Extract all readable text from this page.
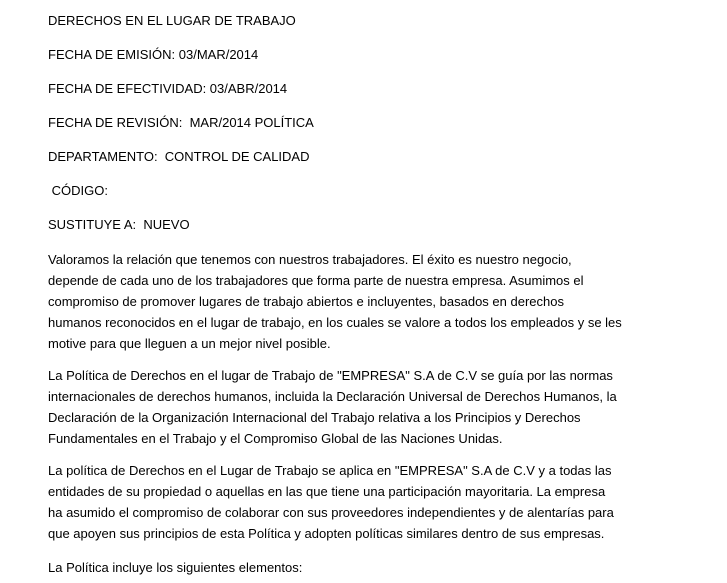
DERECHOS EN EL LUGAR DE TRABAJO

FECHA DE EMISIÓN: 03/MAR/2014

FECHA DE EFECTIVIDAD: 03/ABR/2014

FECHA DE REVISIÓN:  MAR/2014 POLÍTICA

DEPARTAMENTO:  CONTROL DE CALIDAD

CÓDIGO:

SUSTITUYE A:  NUEVO

Valoramos la relación que tenemos con nuestros trabajadores. El éxito es nuestro negocio,
depende de cada uno de los trabajadores que forma parte de nuestra empresa. Asumimos el
compromiso de promover lugares de trabajo abiertos e incluyentes, basados en derechos
humanos reconocidos en el lugar de trabajo, en los cuales se valore a todos los empleados y se les
motive para que lleguen a un mejor nivel posible.
La Política de Derechos en el lugar de Trabajo de "EMPRESA" S.A de C.V se guía por las normas
internacionales de derechos humanos, incluida la Declaración Universal de Derechos Humanos, la
Declaración de la Organización Internacional del Trabajo relativa a los Principios y Derechos
Fundamentales en el Trabajo y el Compromiso Global de las Naciones Unidas.
La política de Derechos en el Lugar de Trabajo se aplica en "EMPRESA" S.A de C.V y a todas las
entidades de su propiedad o aquellas en las que tiene una participación mayoritaria. La empresa
ha asumido el compromiso de colaborar con sus proveedores independientes y de alentarías para
que apoyen sus principios de esta Política y adopten políticas similares dentro de sus empresas.

La Política incluye los siguientes elementos:
